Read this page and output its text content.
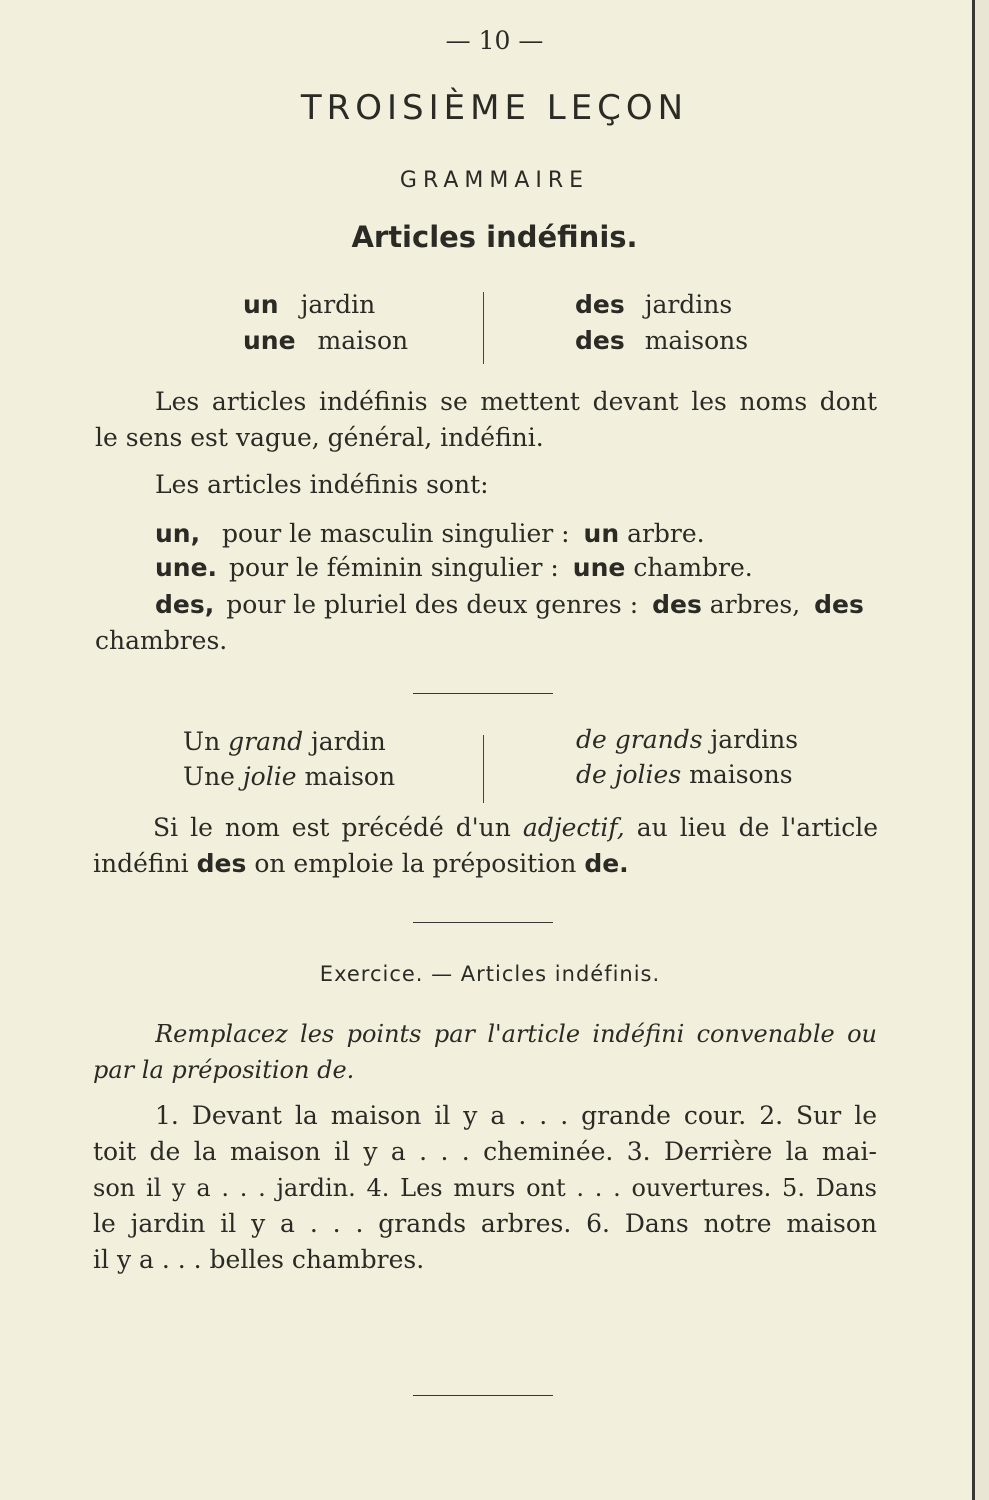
— 10 —
TROISIÈME LEÇON
GRAMMAIRE
Articles indéfinis.
un jardin
une maison
des jardins
des maisons
Les articles indéfinis se mettent devant les noms dont
le sens est vague, général, indéfini.
Les articles indéfinis sont:
un, pour le masculin singulier : un arbre.
une. pour le féminin singulier : une chambre.
des, pour le pluriel des deux genres : des arbres, des
chambres.
Un grand jardin
Une jolie maison
de grands jardins
de jolies maisons
Si le nom est précédé d'un adjectif, au lieu de l'article
indéfini des on emploie la préposition de.
Exercice. — Articles indéfinis.
Remplacez les points par l'article indéfini convenable ou
par la préposition de.
1. Devant la maison il y a . . . grande cour. 2. Sur le
toit de la maison il y a . . . cheminée. 3. Derrière la mai-
son il y a . . . jardin. 4. Les murs ont . . . ouvertures. 5. Dans
le jardin il y a . . . grands arbres. 6. Dans notre maison
il y a . . . belles chambres.
